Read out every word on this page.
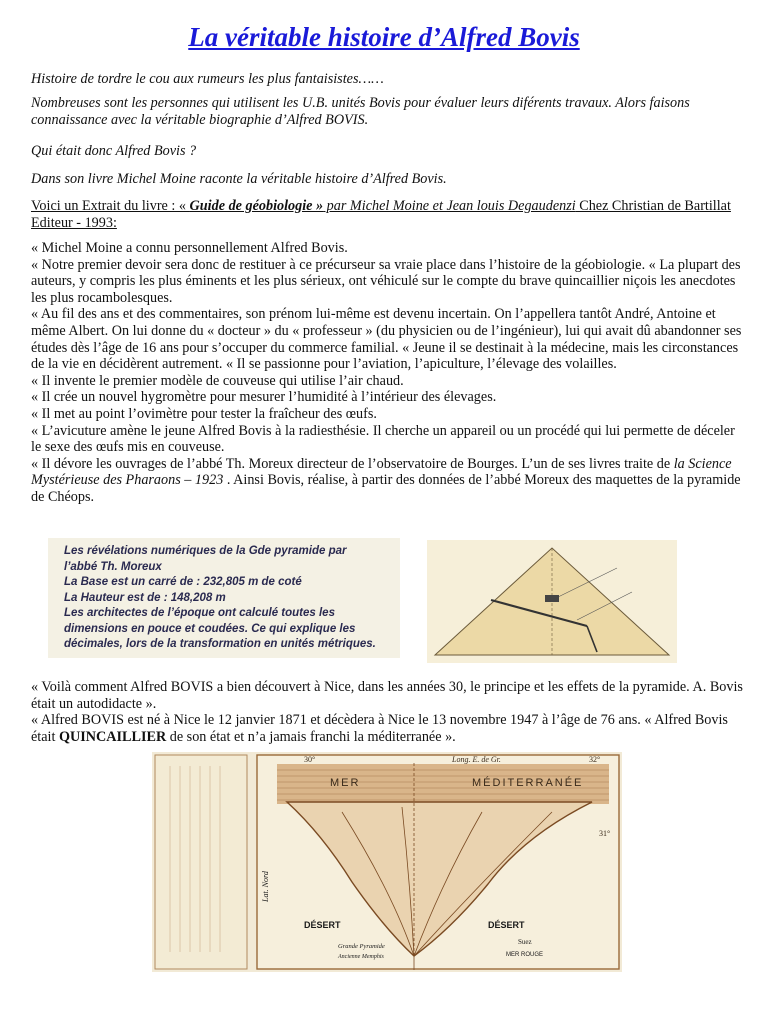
La véritable histoire d’Alfred Bovis

Histoire de tordre le cou aux rumeurs les plus fantaisistes……

Nombreuses sont les personnes qui utilisent les U.B. unités Bovis pour évaluer leurs diférents travaux. Alors faisons connaissance avec la véritable biographie d’Alfred BOVIS.

Qui était donc Alfred Bovis ?

Dans son livre Michel Moine raconte la véritable histoire d’Alfred Bovis.

Voici un Extrait du livre : « Guide de géobiologie » par Michel Moine et Jean louis Degaudenzi Chez Christian de Bartillat Editeur - 1993:

« Michel Moine a connu personnellement Alfred Bovis.
« Notre premier devoir sera donc de restituer à ce précurseur sa vraie place dans l’histoire de la géobiologie. « La plupart des auteurs, y compris les plus éminents et les plus sérieux, ont véhiculé sur le compte du brave quincaillier niçois les anecdotes les plus rocambolesques.
« Au fil des ans et des commentaires, son prénom lui-même est devenu incertain. On l’appellera tantôt André, Antoine et même Albert. On lui donne du « docteur » du « professeur » (du physicien ou de l’ingénieur), lui qui avait dû abandonner ses études dès l’âge de 16 ans pour s’occuper du commerce familial. « Jeune il se destinait à la médecine, mais les circonstances de la vie en décidèrent autrement. « Il se passionne pour l’aviation, l’apiculture, l’élevage des volailles.
« Il invente le premier modèle de couveuse qui utilise l’air chaud.
« Il crée un nouvel hygromètre pour mesurer l’humidité à l’intérieur des élevages.
« Il met au point l’ovimètre pour tester la fraîcheur des œufs.
« L’avicuture amène le jeune Alfred Bovis à la radiesthésie. Il cherche un appareil ou un procédé qui lui permette de déceler le sexe des œufs mis en couveuse.
« Il dévore les ouvrages de l’abbé Th. Moreux directeur de l’observatoire de Bourges. L’un de ses livres traite de la Science Mystérieuse des Pharaons – 1923 . Ainsi Bovis, réalise, à partir des données de l’abbé Moreux des maquettes de la pyramide de Chéops.

Les révélations numériques de la Gde pyramide par
l’abbé Th. Moreux
La Base est un carré de : 232,805 m de coté
La Hauteur est de : 148,208 m
Les architectes de l’époque ont calculé toutes les
dimensions en pouce et coudées. Ce qui explique les
décimales, lors de la transformation en unités métriques.

« Voilà comment Alfred BOVIS a bien découvert à Nice, dans les années 30, le principe et les effets de la pyramide. A. Bovis était un autodidacte ».
« Alfred BOVIS est né à Nice le 12 janvier 1871 et décèdera à Nice le 13 novembre 1947 à l’âge de 76 ans. « Alfred Bovis était QUINCAILLIER de son état et n’a jamais franchi la méditerranée ».
Long. E. de Gr.
30°	32°
31°
MER	MÉDITERRANÉE
DÉSERT	DÉSERT
Suez
MER ROUGE
Grande Pyramide
Ancienne Memphis
Lat. Nord
